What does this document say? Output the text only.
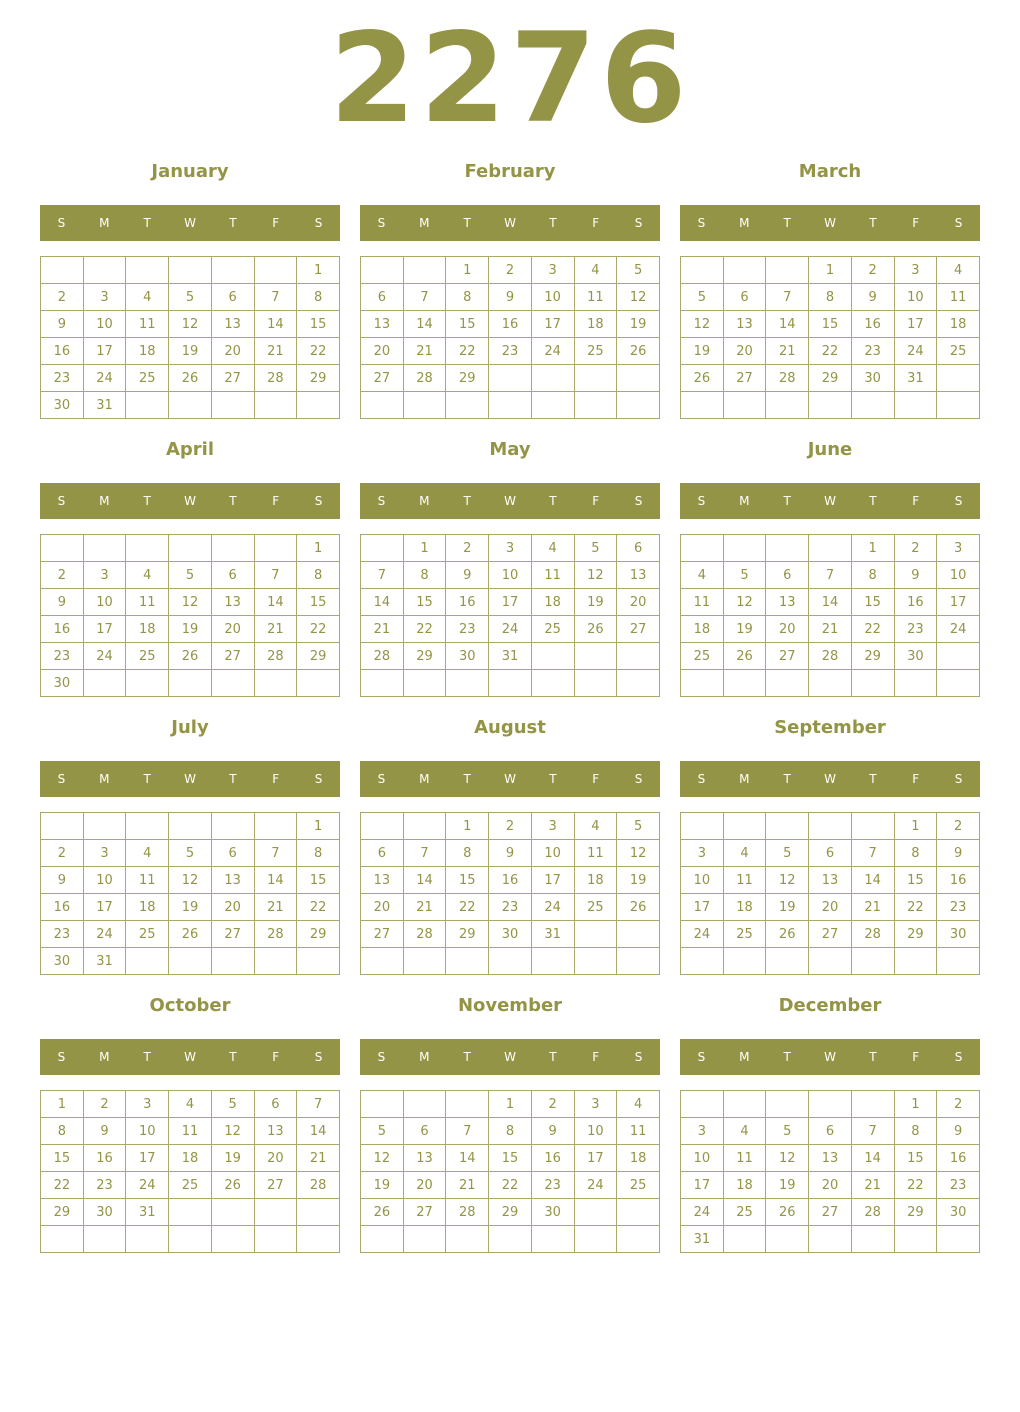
2276
January
S	M	T	W	T	F	S
						1
2	3	4	5	6	7	8
9	10	11	12	13	14	15
16	17	18	19	20	21	22
23	24	25	26	27	28	29
30	31					
February
S	M	T	W	T	F	S
		1	2	3	4	5
6	7	8	9	10	11	12
13	14	15	16	17	18	19
20	21	22	23	24	25	26
27	28	29				

March
S	M	T	W	T	F	S
			1	2	3	4
5	6	7	8	9	10	11
12	13	14	15	16	17	18
19	20	21	22	23	24	25
26	27	28	29	30	31	

April
S	M	T	W	T	F	S
						1
2	3	4	5	6	7	8
9	10	11	12	13	14	15
16	17	18	19	20	21	22
23	24	25	26	27	28	29
30						
May
S	M	T	W	T	F	S
	1	2	3	4	5	6
7	8	9	10	11	12	13
14	15	16	17	18	19	20
21	22	23	24	25	26	27
28	29	30	31			

June
S	M	T	W	T	F	S
				1	2	3
4	5	6	7	8	9	10
11	12	13	14	15	16	17
18	19	20	21	22	23	24
25	26	27	28	29	30	

July
S	M	T	W	T	F	S
						1
2	3	4	5	6	7	8
9	10	11	12	13	14	15
16	17	18	19	20	21	22
23	24	25	26	27	28	29
30	31					
August
S	M	T	W	T	F	S
		1	2	3	4	5
6	7	8	9	10	11	12
13	14	15	16	17	18	19
20	21	22	23	24	25	26
27	28	29	30	31		

September
S	M	T	W	T	F	S
					1	2
3	4	5	6	7	8	9
10	11	12	13	14	15	16
17	18	19	20	21	22	23
24	25	26	27	28	29	30

October
S	M	T	W	T	F	S
1	2	3	4	5	6	7
8	9	10	11	12	13	14
15	16	17	18	19	20	21
22	23	24	25	26	27	28
29	30	31				

November
S	M	T	W	T	F	S
			1	2	3	4
5	6	7	8	9	10	11
12	13	14	15	16	17	18
19	20	21	22	23	24	25
26	27	28	29	30		

December
S	M	T	W	T	F	S
					1	2
3	4	5	6	7	8	9
10	11	12	13	14	15	16
17	18	19	20	21	22	23
24	25	26	27	28	29	30
31						
